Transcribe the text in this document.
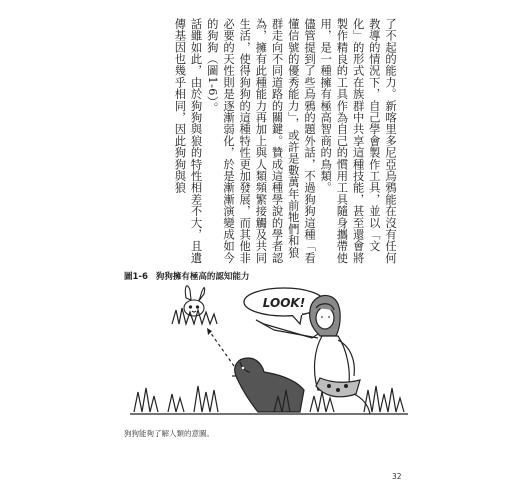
了不起的能力。新喀里多尼亞烏鴉能在沒有任何教導的情況下，自己學會製作工具，並以「文化」的形式在族群中共享這種技能，甚至還會將製作精良的工具作為自己的慣用工具隨身攜帶使用，是一種擁有極高智商的鳥類。
儘管提到了些烏鴉的題外話，不過狗狗這種「看懂信號的優秀能力」，或許是數萬年前牠們和狼群走向不同道路的關鍵。贊成這種學說的學者認為，擁有此種能力再加上與人類頻繁接觸及共同生活，使得狗狗的這種特性更加發展，而其他非必要的天性則是逐漸弱化，於是漸漸演變成如今的狗狗（圖1-6）。
話雖如此，由於狗狗與狼的特性相差不大，且遺傳基因也幾乎相同，因此狗狗與狼
圖1-6 狗狗擁有極高的認知能力
LOOK!
狗狗能夠了解人類的意圖。
32
